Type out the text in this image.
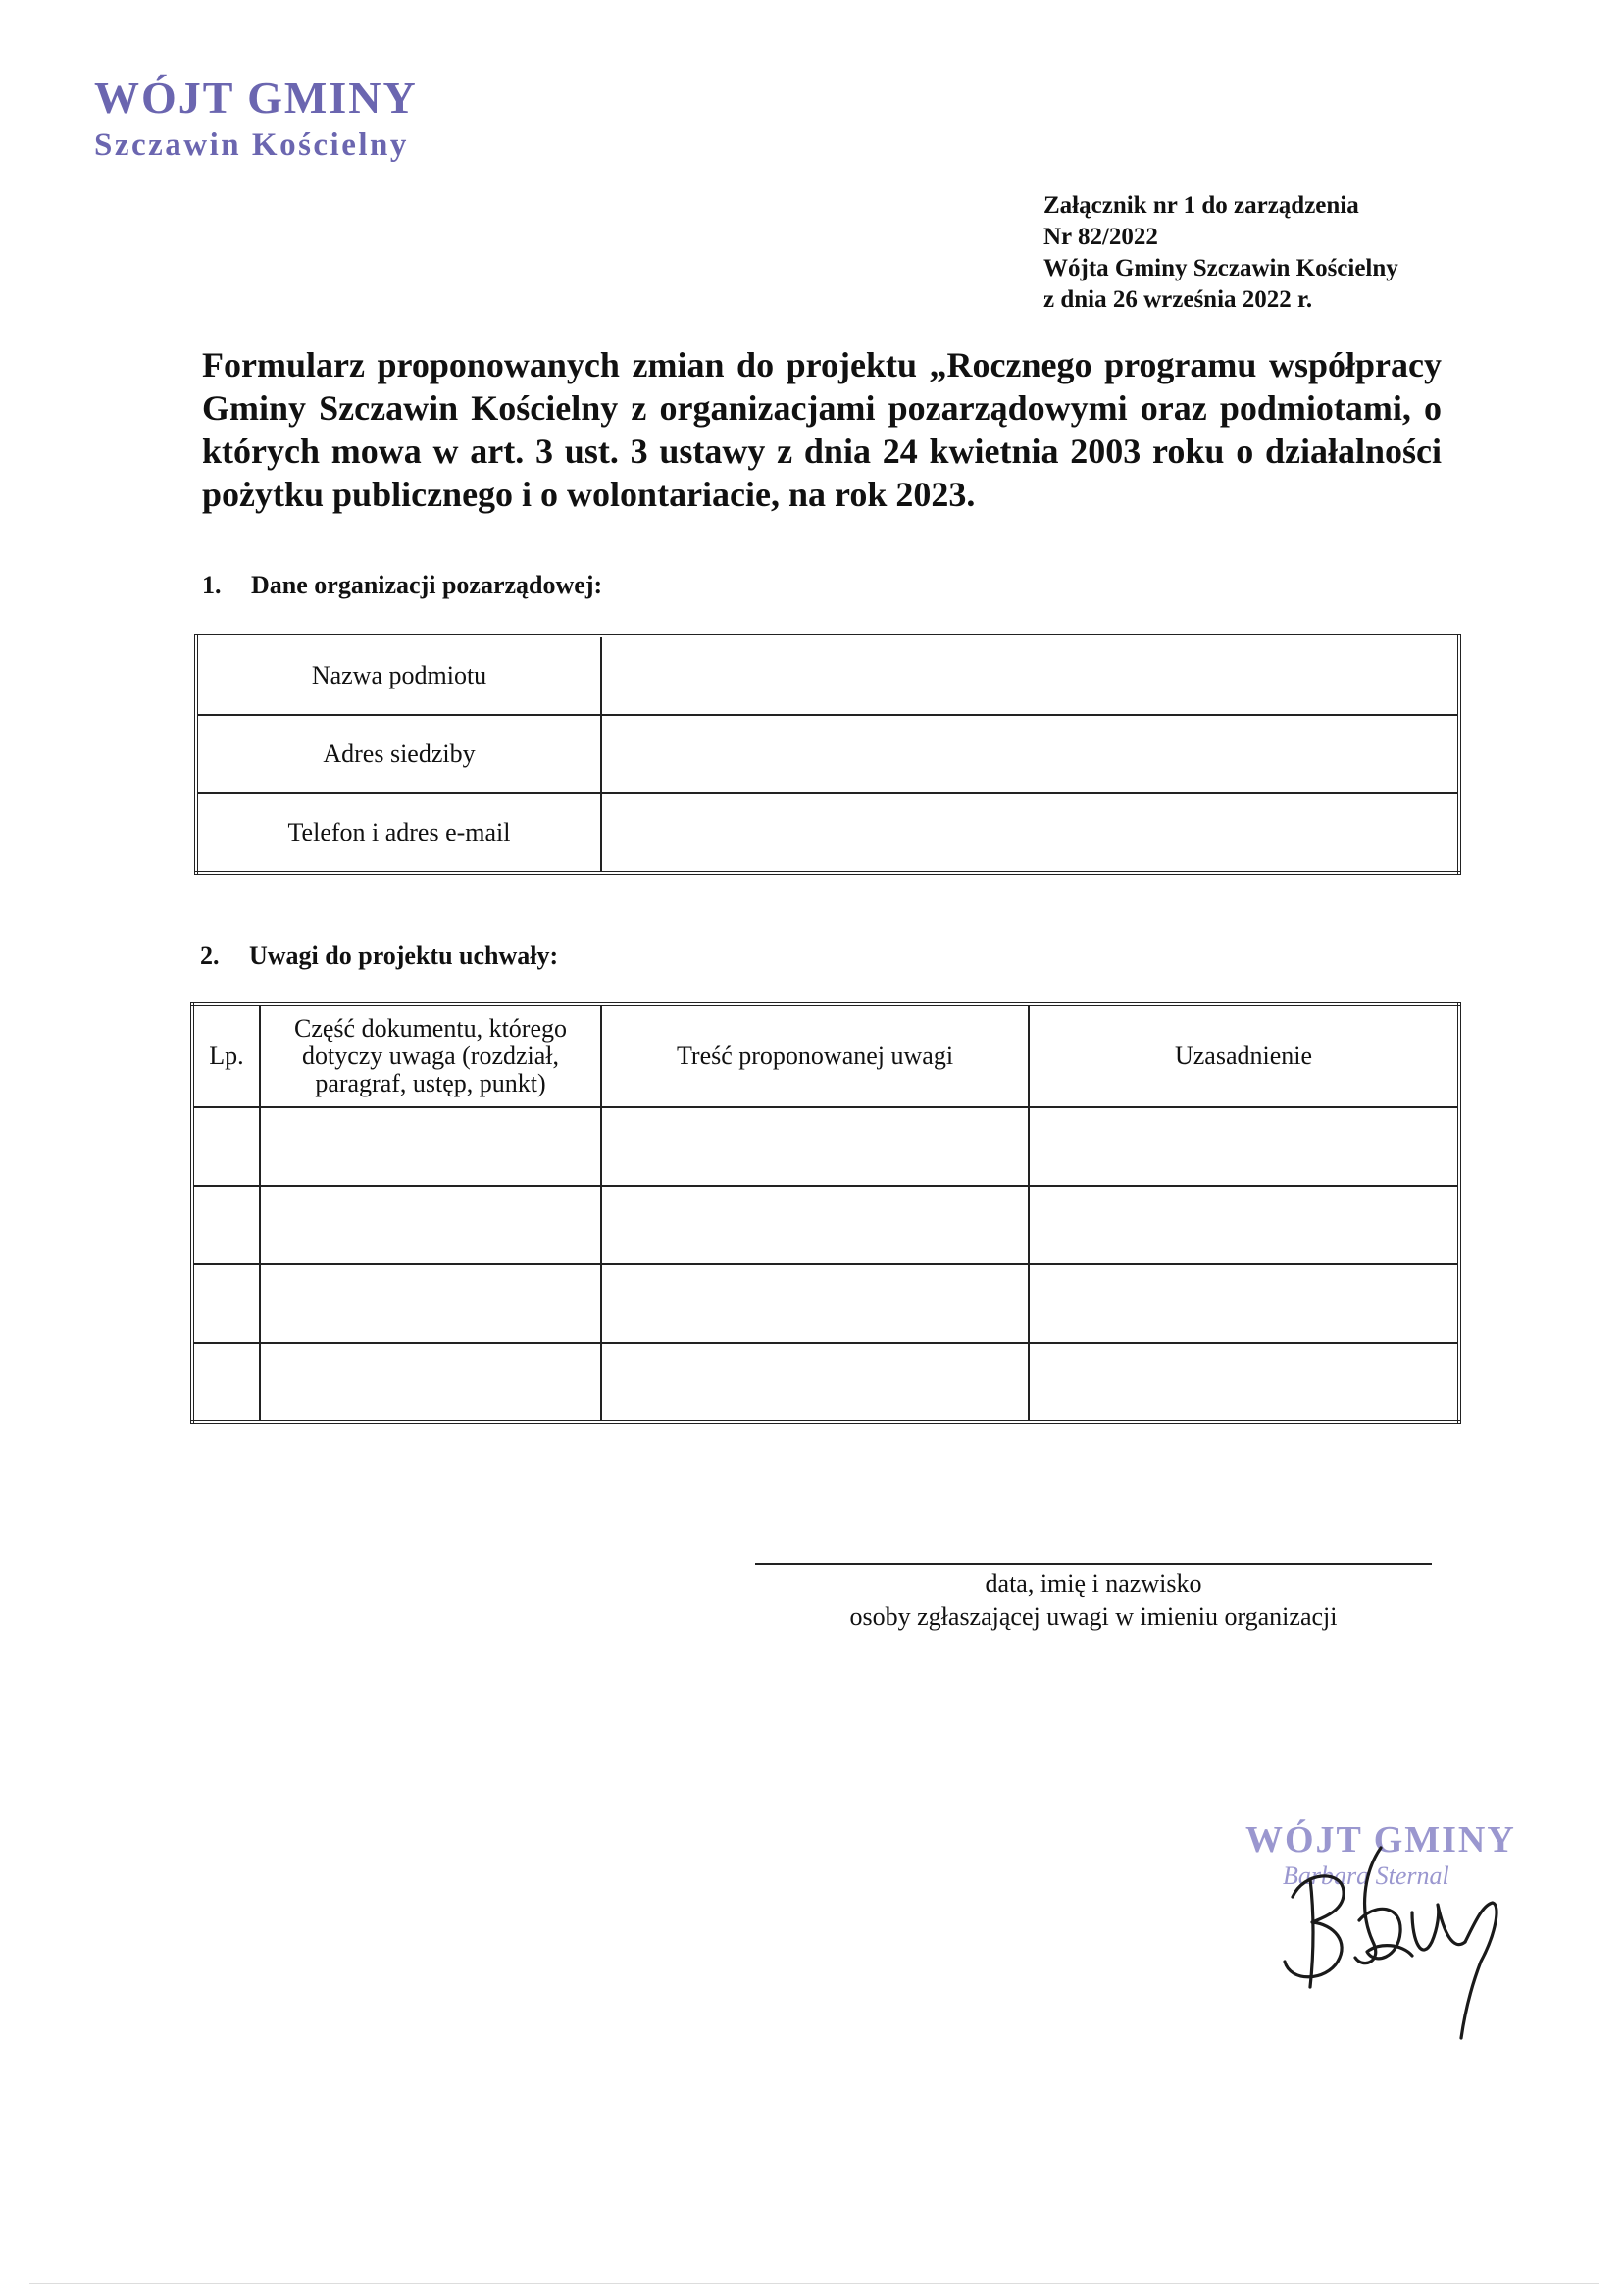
WÓJT GMINY
Szczawin Kościelny
Załącznik nr 1 do zarządzenia
Nr 82/2022
Wójta Gminy Szczawin Kościelny
z dnia 26 września 2022 r.
Formularz proponowanych zmian do projektu „Rocznego programu współpracy Gminy Szczawin Kościelny z organizacjami pozarządowymi oraz podmiotami, o których mowa w art. 3 ust. 3 ustawy z dnia 24 kwietnia 2003 roku o działalności pożytku publicznego i o wolontariacie, na rok 2023.
1. Dane organizacji pozarządowej:
Nazwa podmiotu	
Adres siedziby	
Telefon i adres e-mail	
2. Uwagi do projektu uchwały:
Lp.	Część dokumentu, którego dotyczy uwaga (rozdział, paragraf, ustęp, punkt)	Treść proponowanej uwagi	Uzasadnienie

data, imię i nazwisko
osoby zgłaszającej uwagi w imieniu organizacji
WÓJT GMINY
Barbara Sternal
